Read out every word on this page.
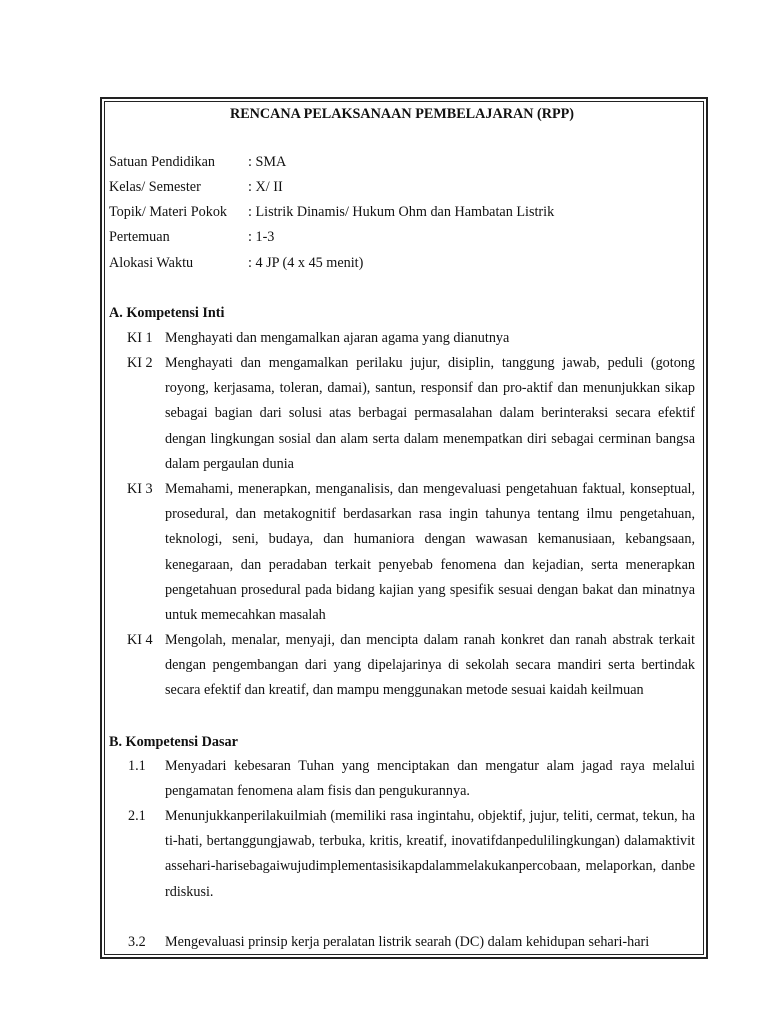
RENCANA PELAKSANAAN PEMBELAJARAN (RPP)
Satuan Pendidikan : SMA
Kelas/ Semester	: X/ II
Topik/ Materi Pokok : Listrik Dinamis/ Hukum Ohm dan Hambatan Listrik
Pertemuan	: 1-3
Alokasi Waktu	: 4 JP (4 x 45 menit)
A. Kompetensi Inti
KI 1 Menghayati dan mengamalkan ajaran agama yang dianutnya
KI 2 Menghayati dan mengamalkan perilaku jujur, disiplin, tanggung jawab, peduli (gotong royong, kerjasama, toleran, damai), santun, responsif dan pro-aktif dan menunjukkan sikap sebagai bagian dari solusi atas berbagai permasalahan dalam berinteraksi secara efektif dengan lingkungan sosial dan alam serta dalam menempatkan diri sebagai cerminan bangsa dalam pergaulan dunia
KI 3 Memahami, menerapkan, menganalisis, dan mengevaluasi pengetahuan faktual, konseptual, prosedural, dan metakognitif berdasarkan rasa ingin tahunya tentang ilmu pengetahuan, teknologi, seni, budaya, dan humaniora dengan wawasan kemanusiaan, kebangsaan, kenegaraan, dan peradaban terkait penyebab fenomena dan kejadian, serta menerapkan pengetahuan prosedural pada bidang kajian yang spesifik sesuai dengan bakat dan minatnya untuk memecahkan masalah
KI 4 Mengolah, menalar, menyaji, dan mencipta dalam ranah konkret dan ranah abstrak terkait dengan pengembangan dari yang dipelajarinya di sekolah secara mandiri serta bertindak secara efektif dan kreatif, dan mampu menggunakan metode sesuai kaidah keilmuan
B. Kompetensi Dasar
1.1 Menyadari kebesaran Tuhan yang menciptakan dan mengatur alam jagad raya melalui pengamatan fenomena alam fisis dan pengukurannya.
2.1 Menunjukkanperilakuilmiah (memiliki rasa ingintahu, objektif, jujur, teliti, cermat, tekun, hati-hati, bertanggungjawab, terbuka, kritis, kreatif, inovatifdanpedulilingkungan) dalamaktivitassehari-harisebagaiwujudimplementasisikapdalammelakukanpercobaan, melaporkan, danberdiskusi.
3.2 Mengevaluasi prinsip kerja peralatan listrik searah (DC) dalam kehidupan sehari-hari
